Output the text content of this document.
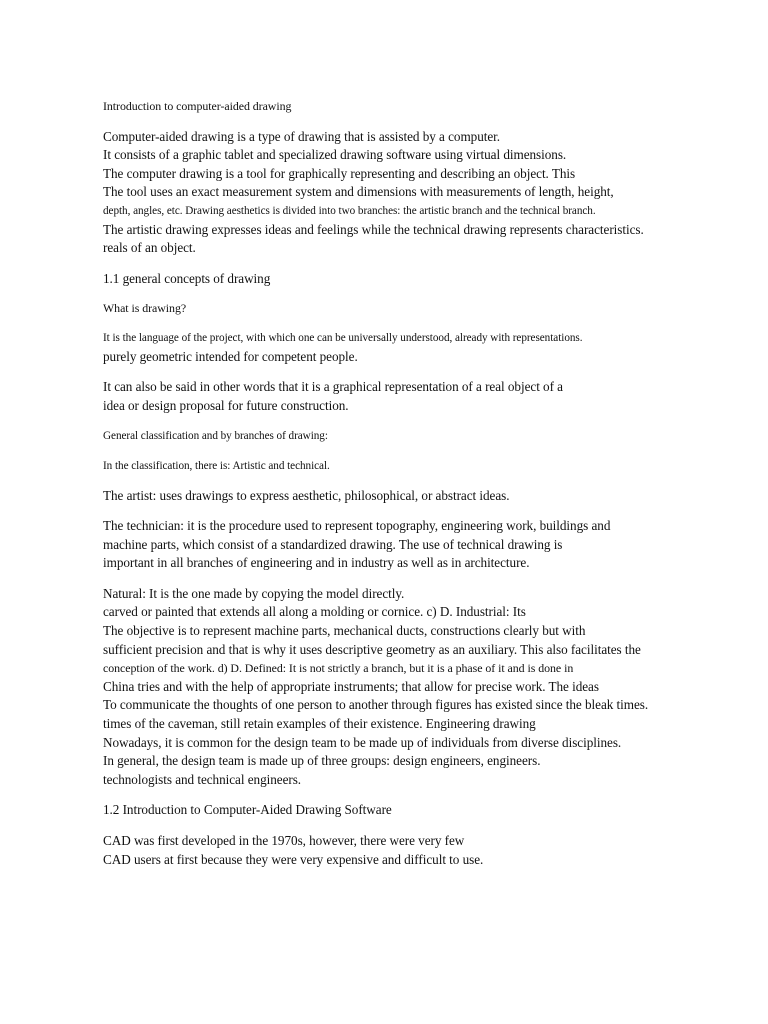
Introduction to computer-aided drawing
Computer-aided drawing is a type of drawing that is assisted by a computer.
It consists of a graphic tablet and specialized drawing software using virtual dimensions.
The computer drawing is a tool for graphically representing and describing an object. This
The tool uses an exact measurement system and dimensions with measurements of length, height,
depth, angles, etc. Drawing aesthetics is divided into two branches: the artistic branch and the technical branch.
The artistic drawing expresses ideas and feelings while the technical drawing represents characteristics.
reals of an object.
1.1 general concepts of drawing
What is drawing?
It is the language of the project, with which one can be universally understood, already with representations.
purely geometric intended for competent people.
It can also be said in other words that it is a graphical representation of a real object of a
idea or design proposal for future construction.
General classification and by branches of drawing:
In the classification, there is: Artistic and technical.
The artist: uses drawings to express aesthetic, philosophical, or abstract ideas.
The technician: it is the procedure used to represent topography, engineering work, buildings and
machine parts, which consist of a standardized drawing. The use of technical drawing is
important in all branches of engineering and in industry as well as in architecture.
Natural: It is the one made by copying the model directly.
carved or painted that extends all along a molding or cornice. c) D. Industrial: Its
The objective is to represent machine parts, mechanical ducts, constructions clearly but with
sufficient precision and that is why it uses descriptive geometry as an auxiliary. This also facilitates the
conception of the work. d) D. Defined: It is not strictly a branch, but it is a phase of it and is done in
China tries and with the help of appropriate instruments; that allow for precise work. The ideas
To communicate the thoughts of one person to another through figures has existed since the bleak times.
times of the caveman, still retain examples of their existence. Engineering drawing
Nowadays, it is common for the design team to be made up of individuals from diverse disciplines.
In general, the design team is made up of three groups: design engineers, engineers.
technologists and technical engineers.
1.2 Introduction to Computer-Aided Drawing Software
CAD was first developed in the 1970s, however, there were very few
CAD users at first because they were very expensive and difficult to use.
